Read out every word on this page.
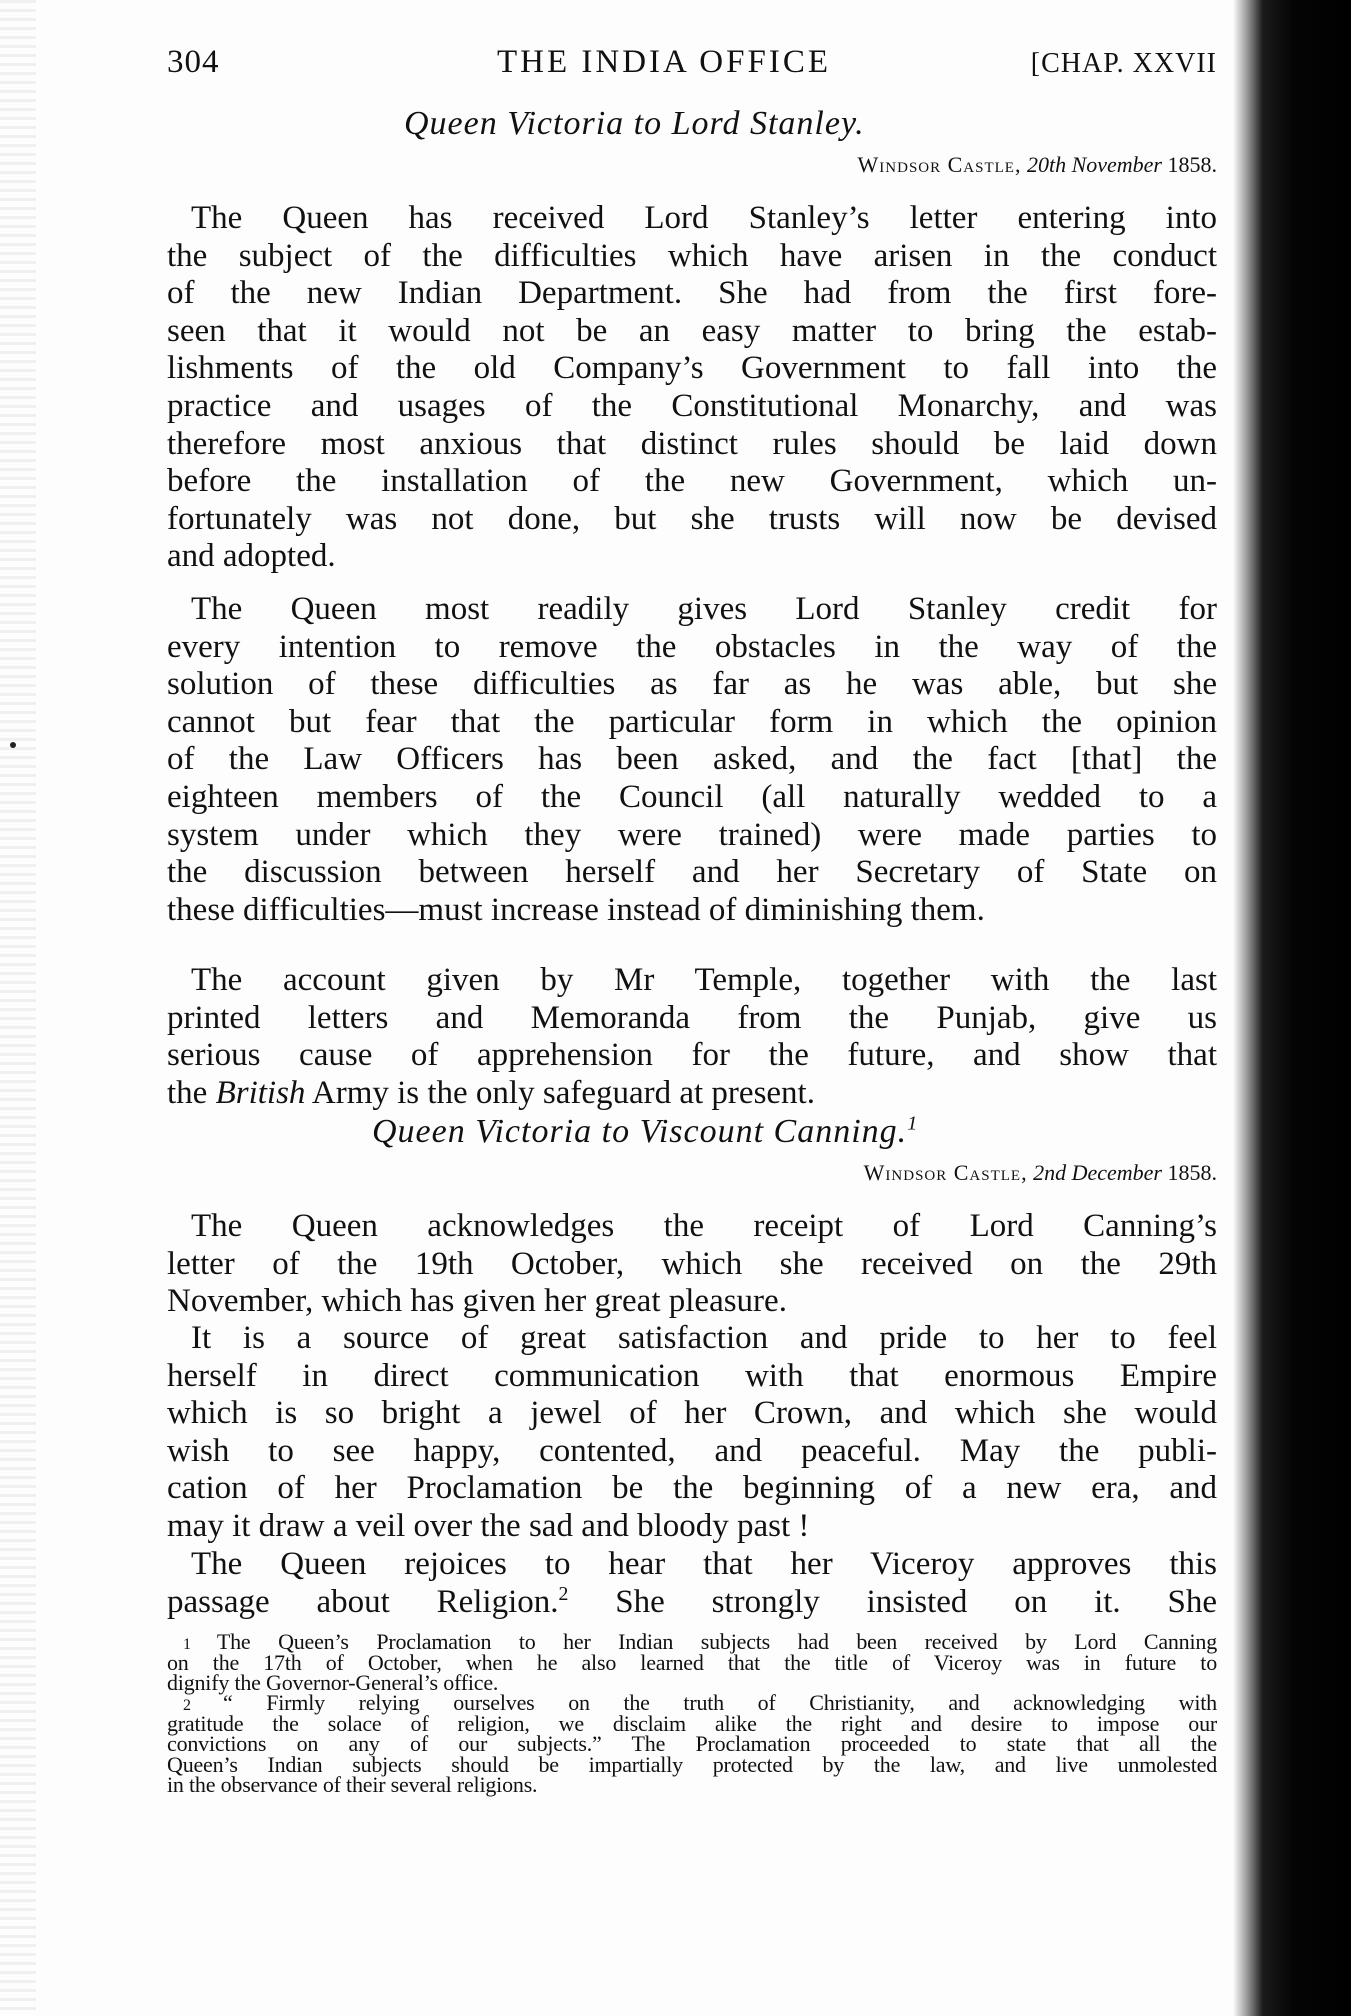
304	THE INDIA OFFICE	[CHAP. XXVII
Queen Victoria to Lord Stanley.
Windsor Castle, 20th November 1858.
Queen Victoria to Viscount Canning.$^1$
Windsor Castle, 2nd December 1858.
The Queen has received Lord Stanley’s letter entering into
the subject of the difficulties which have arisen in the conduct
of the new Indian Department. She had from the first fore-
seen that it would not be an easy matter to bring the estab-
lishments of the old Company’s Government to fall into the
practice and usages of the Constitutional Monarchy, and was
therefore most anxious that distinct rules should be laid down
before the installation of the new Government, which un-
fortunately was not done, but she trusts will now be devised
and adopted.
The Queen most readily gives Lord Stanley credit for
every intention to remove the obstacles in the way of the
solution of these difficulties as far as he was able, but she
cannot but fear that the particular form in which the opinion
of the Law Officers has been asked, and the fact [that] the
eighteen members of the Council (all naturally wedded to a
system under which they were trained) were made parties to
the discussion between herself and her Secretary of State on
these difficulties—must increase instead of diminishing them.
The account given by Mr Temple, together with the last
printed letters and Memoranda from the Punjab, give us
serious cause of apprehension for the future, and show that
the British Army is the only safeguard at present.
The Queen acknowledges the receipt of Lord Canning’s
letter of the 19th October, which she received on the 29th
November, which has given her great pleasure.
It is a source of great satisfaction and pride to her to feel
herself in direct communication with that enormous Empire
which is so bright a jewel of her Crown, and which she would
wish to see happy, contented, and peaceful. May the publi-
cation of her Proclamation be the beginning of a new era, and
may it draw a veil over the sad and bloody past !
The Queen rejoices to hear that her Viceroy approves this
passage about Religion.$^2$ She strongly insisted on it. She
1 The Queen’s Proclamation to her Indian subjects had been received by Lord Canning
on the 17th of October, when he also learned that the title of Viceroy was in future to
dignify the Governor-General’s office.
2 “ Firmly relying ourselves on the truth of Christianity, and acknowledging with
gratitude the solace of religion, we disclaim alike the right and desire to impose our
convictions on any of our subjects.” The Proclamation proceeded to state that all the
Queen’s Indian subjects should be impartially protected by the law, and live unmolested
in the observance of their several religions.
